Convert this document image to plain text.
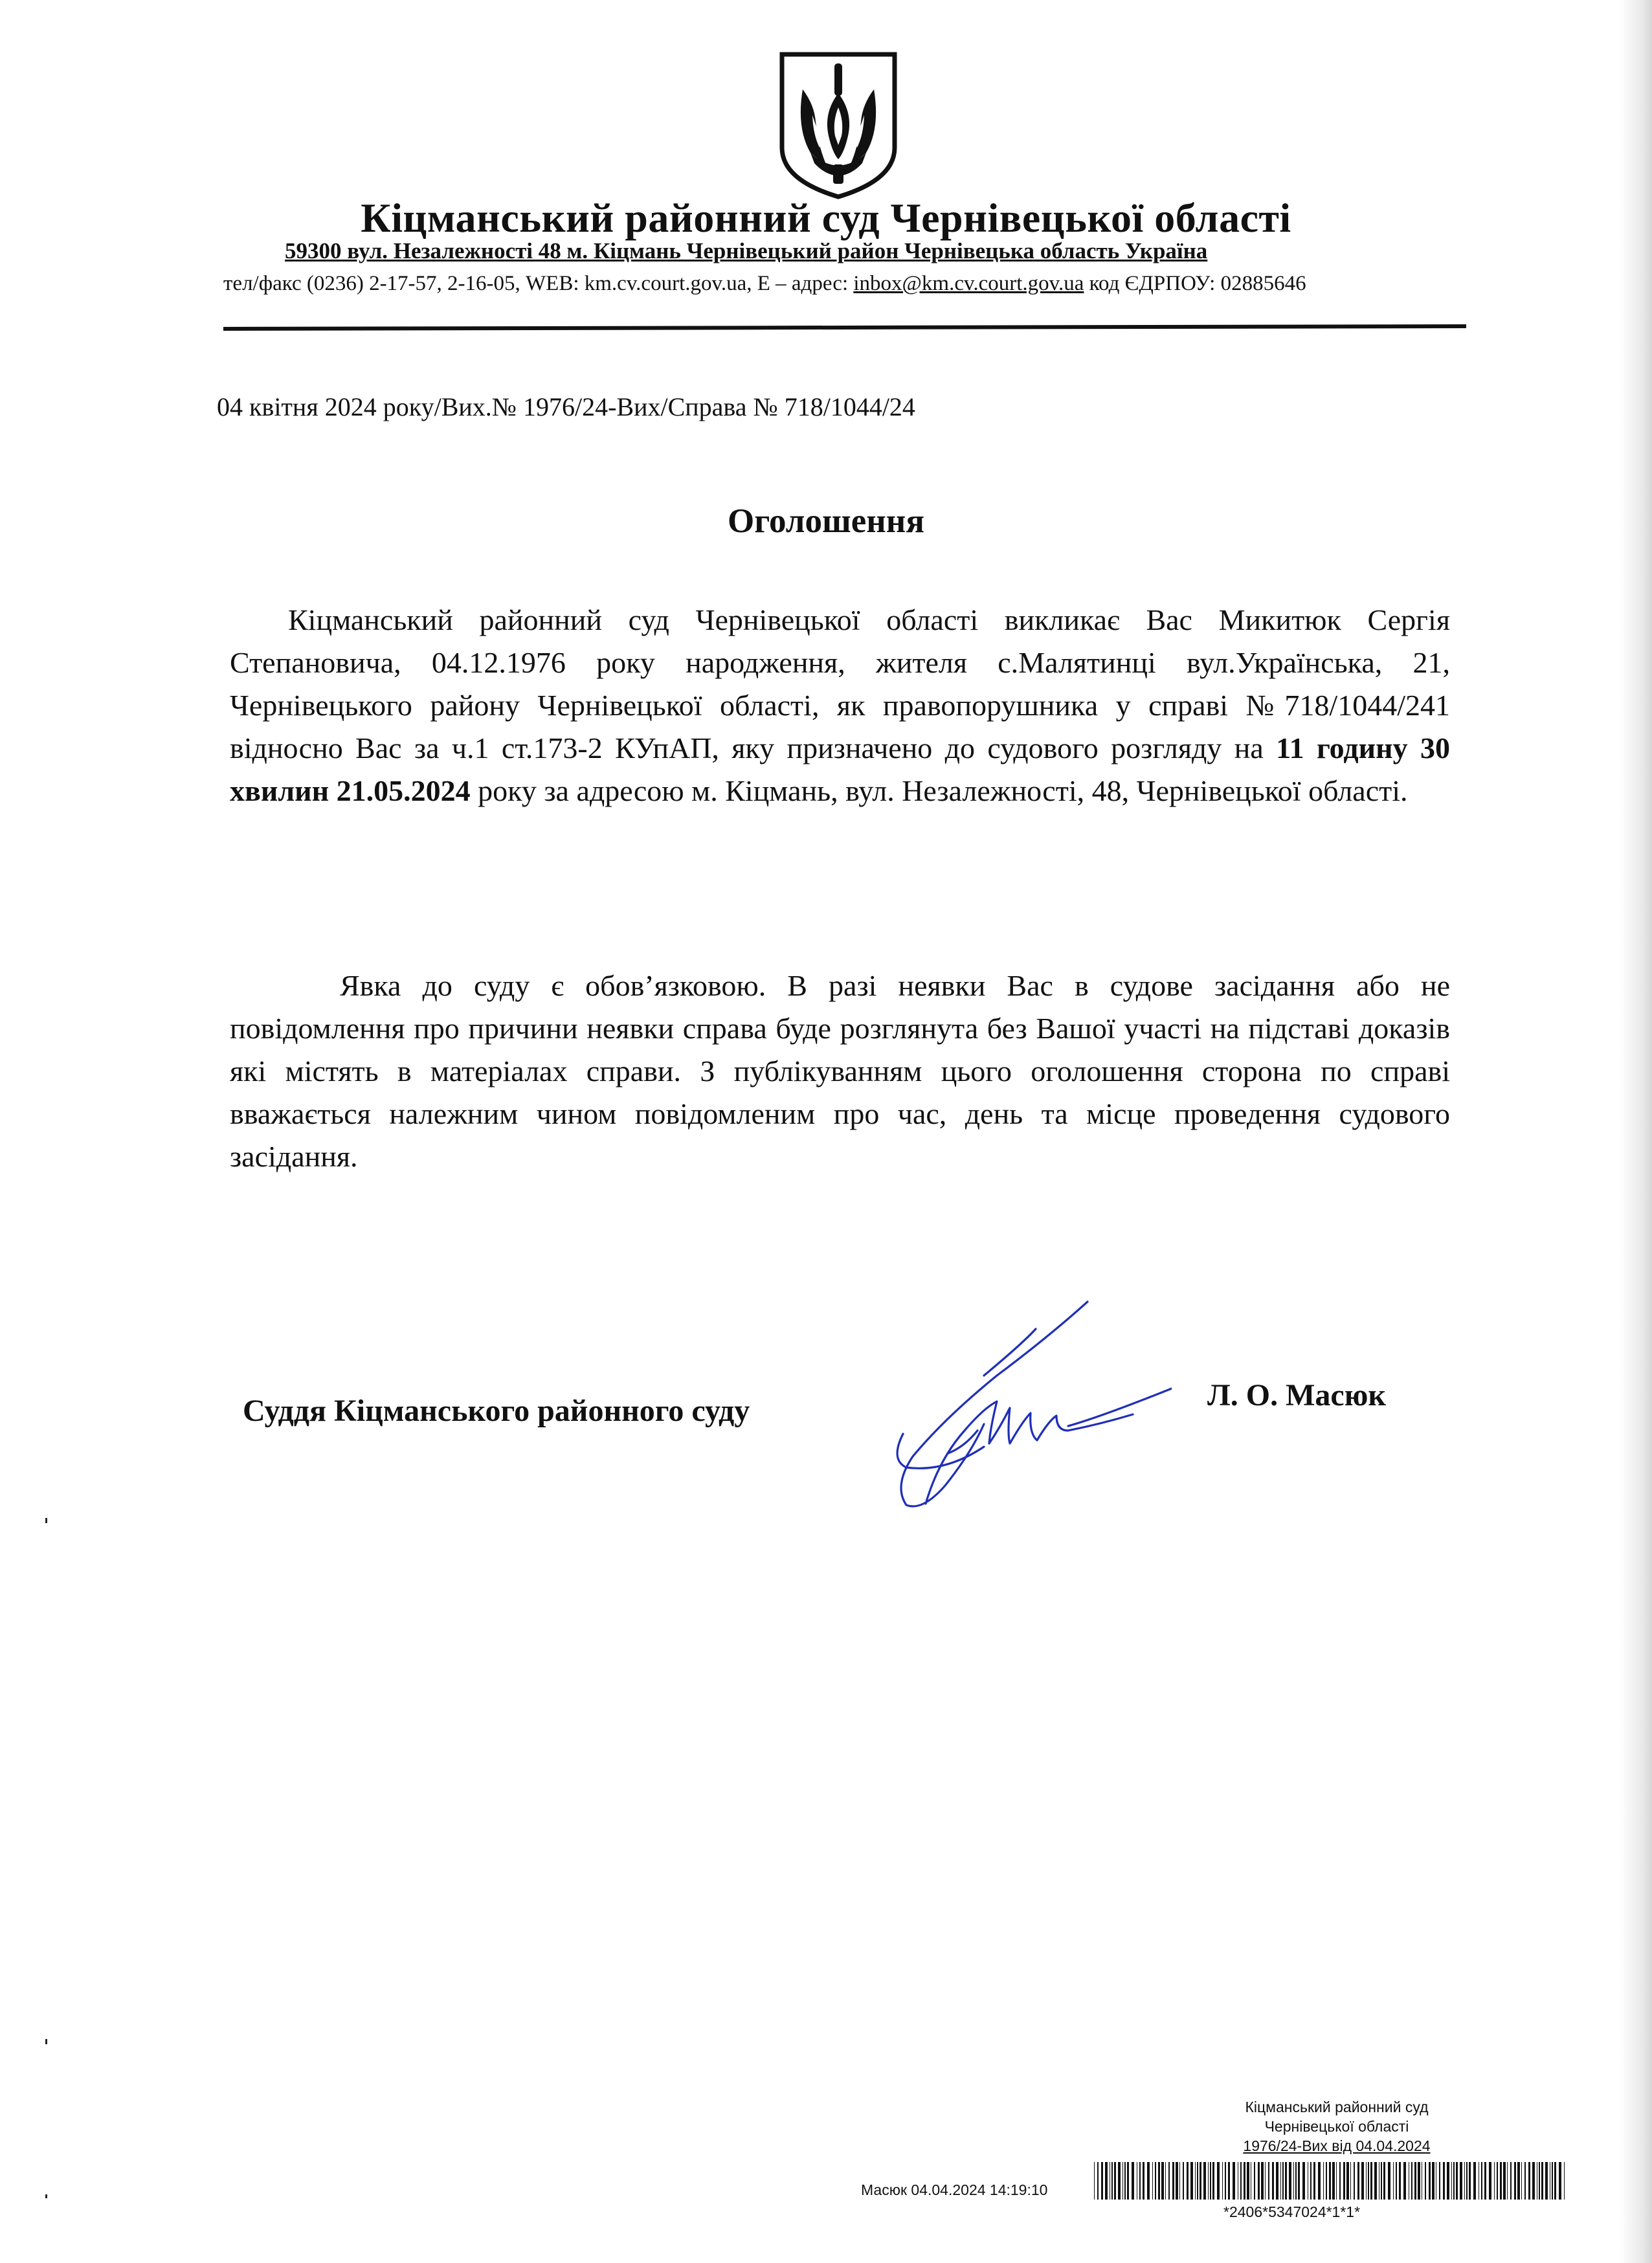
Кіцманський районний суд Чернівецької області
59300 вул. Незалежності 48 м. Кіцмань Чернівецький район Чернівецька область Україна
тел/факс (0236) 2-17-57, 2-16-05, WEB: km.cv.court.gov.ua, Е – адрес: inbox@km.cv.court.gov.ua код ЄДРПОУ: 02885646
04 квітня 2024 року/Вих.№ 1976/24-Вих/Справа № 718/1044/24
Оголошення
Кіцманський районний суд Чернівецької області викликає Вас Микитюк Сергія Степановича, 04.12.1976 року народження, жителя с.Малятинці вул.Українська, 21, Чернівецького району Чернівецької області, як правопорушника у справі №718/1044/241 відносно Вас за ч.1 ст.173-2 КУпАП, яку призначено до судового розгляду на 11 годину 30 хвилин 21.05.2024 року за адресою м. Кіцмань, вул. Незалежності, 48, Чернівецької області.
Явка до суду є обов’язковою. В разі неявки Вас в судове засідання або не повідомлення про причини неявки справа буде розглянута без Вашої участі на підставі доказів які містять в матеріалах справи. З публікуванням цього оголошення сторона по справі вважається належним чином повідомленим про час, день та місце проведення судового засідання.
Суддя Кіцманського районного суду	Л. О. Масюк
Кіцманський районний суд
Чернівецької області
1976/24-Вих від 04.04.2024
Масюк 04.04.2024 14:19:10
*2406*5347024*1*1*
